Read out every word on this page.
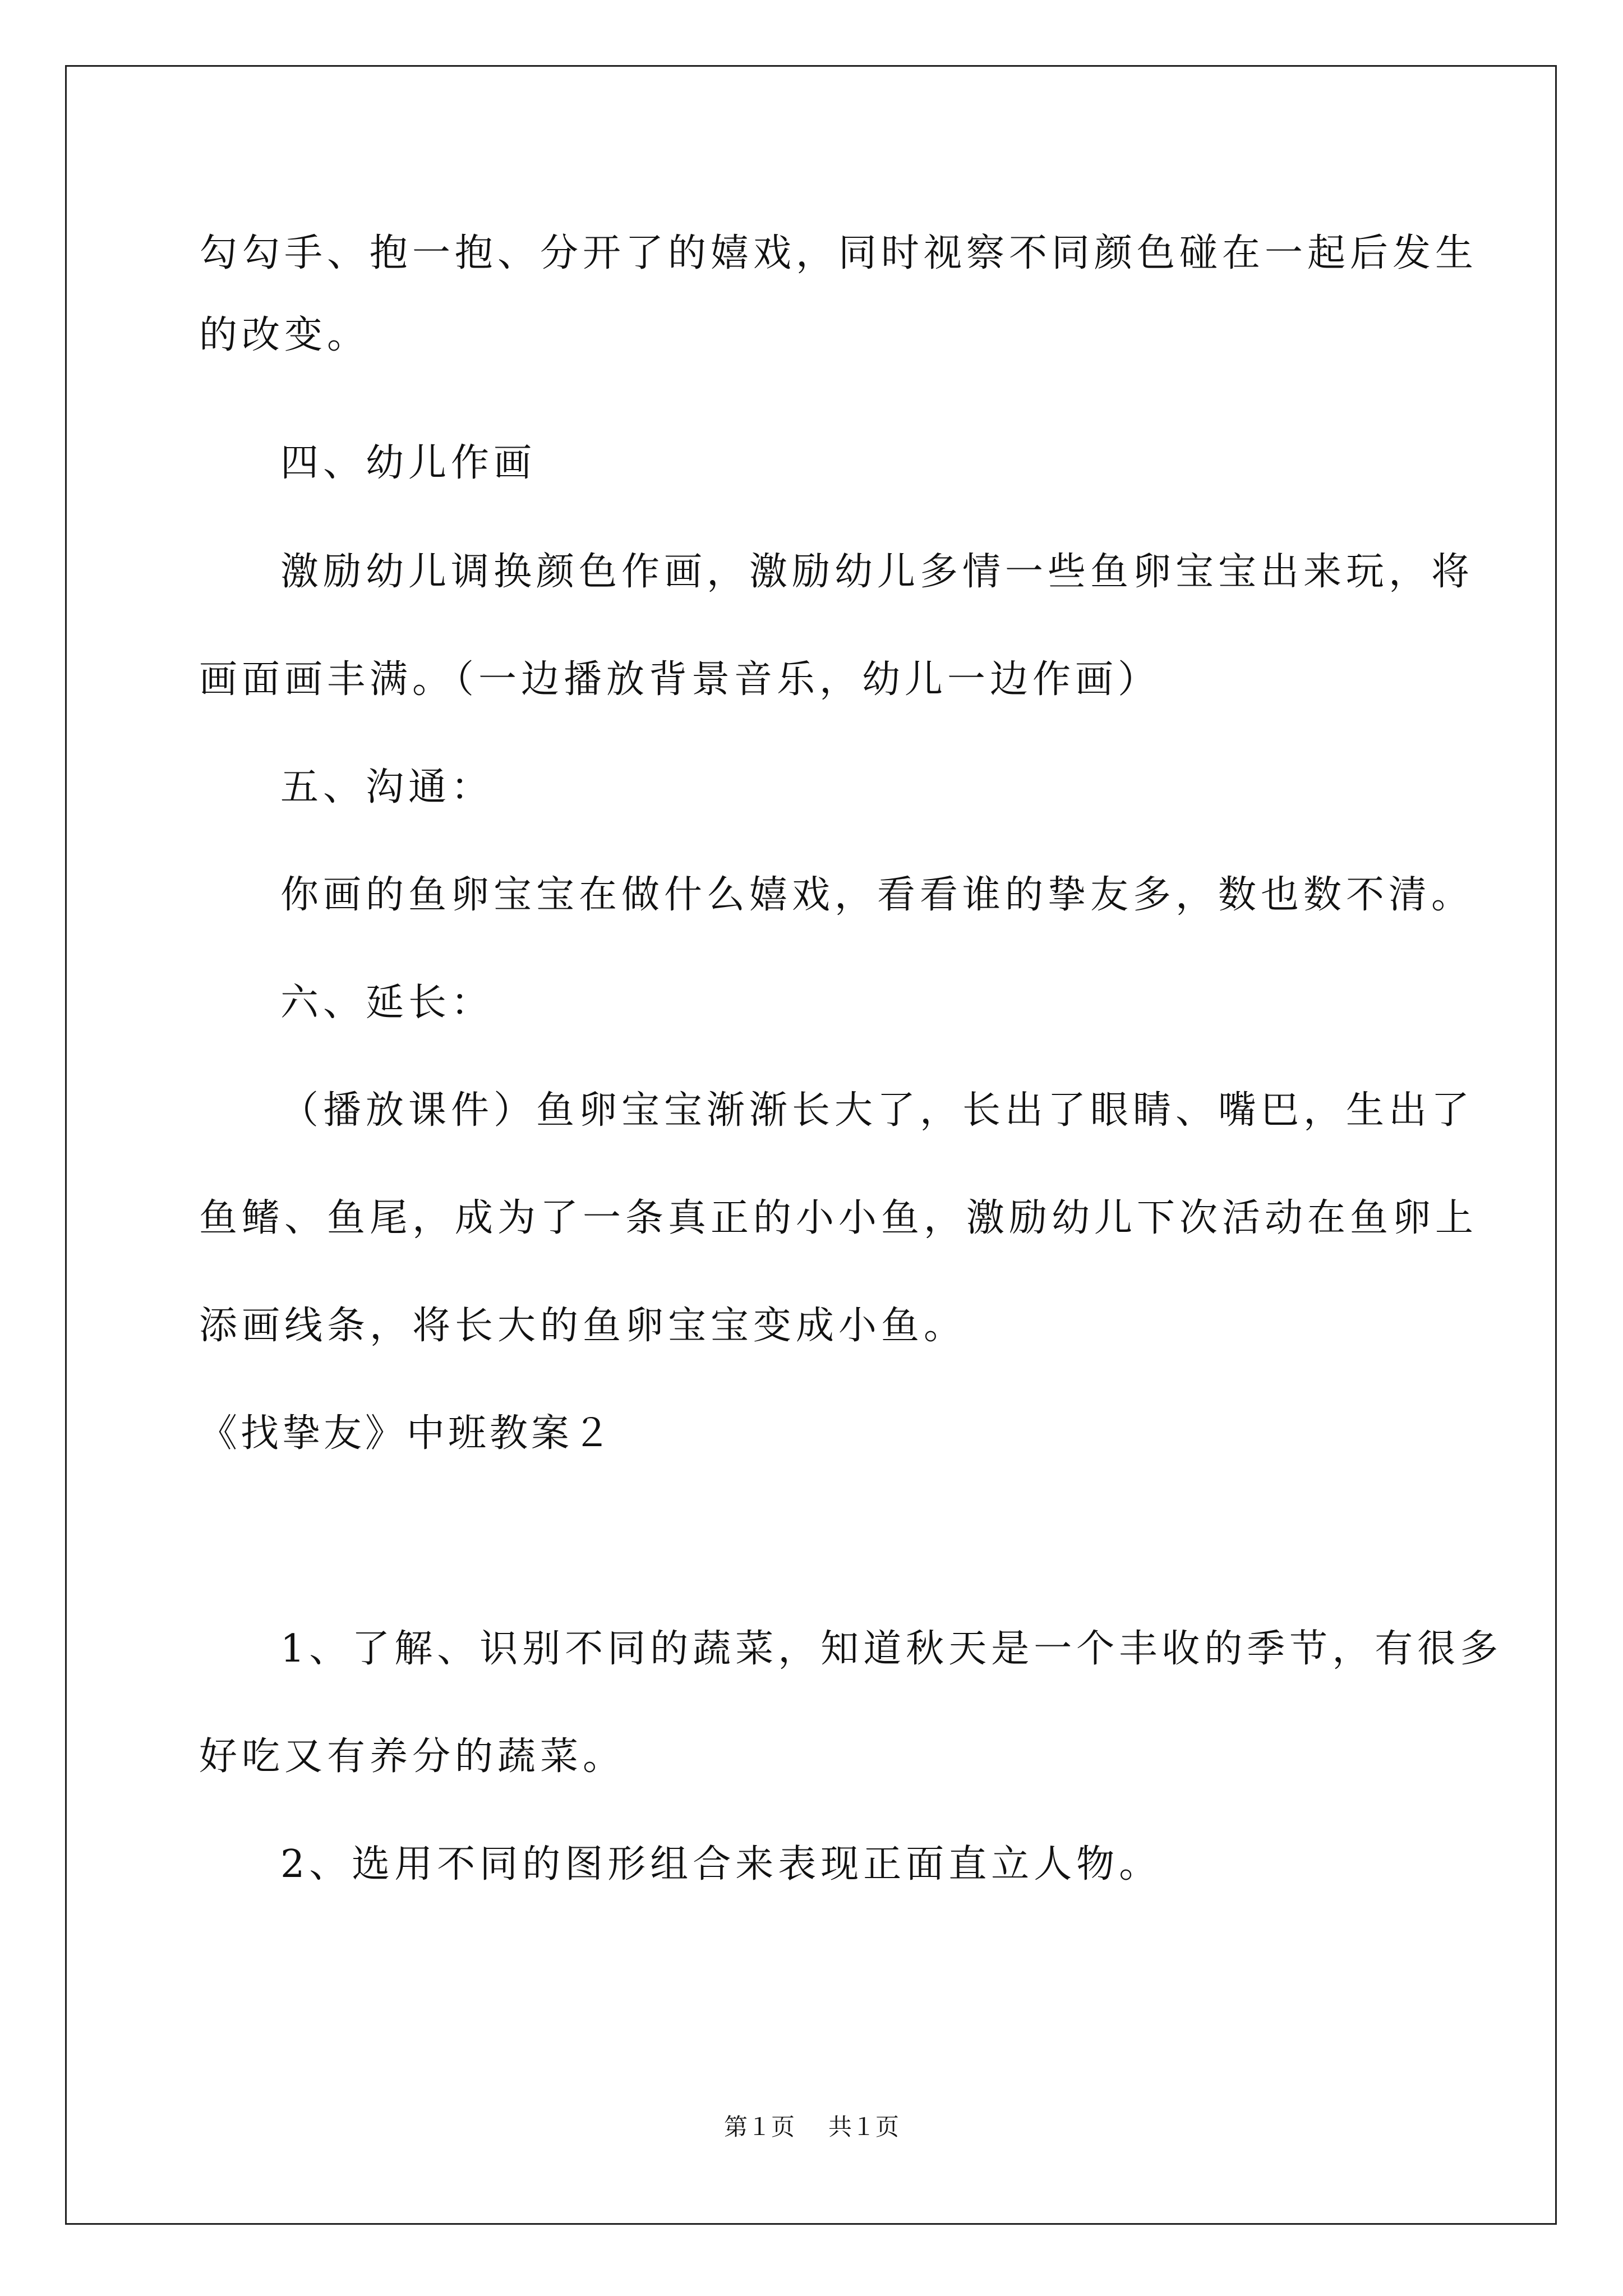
勾勾手、抱一抱、分开了的嬉戏，同时视察不同颜色碰在一起后发生
的改变。
四、幼儿作画
激励幼儿调换颜色作画，激励幼儿多情一些鱼卵宝宝出来玩，将
画面画丰满。（一边播放背景音乐，幼儿一边作画）
五、沟通：
你画的鱼卵宝宝在做什么嬉戏，看看谁的挚友多，数也数不清。
六、延长：
（播放课件）鱼卵宝宝渐渐长大了，长出了眼睛、嘴巴，生出了
鱼鳍、鱼尾，成为了一条真正的小小鱼，激励幼儿下次活动在鱼卵上
添画线条，将长大的鱼卵宝宝变成小鱼。
《找挚友》中班教案２
1、了解、识别不同的蔬菜，知道秋天是一个丰收的季节，有很多
好吃又有养分的蔬菜。
2、选用不同的图形组合来表现正面直立人物。
第１页 共１页
